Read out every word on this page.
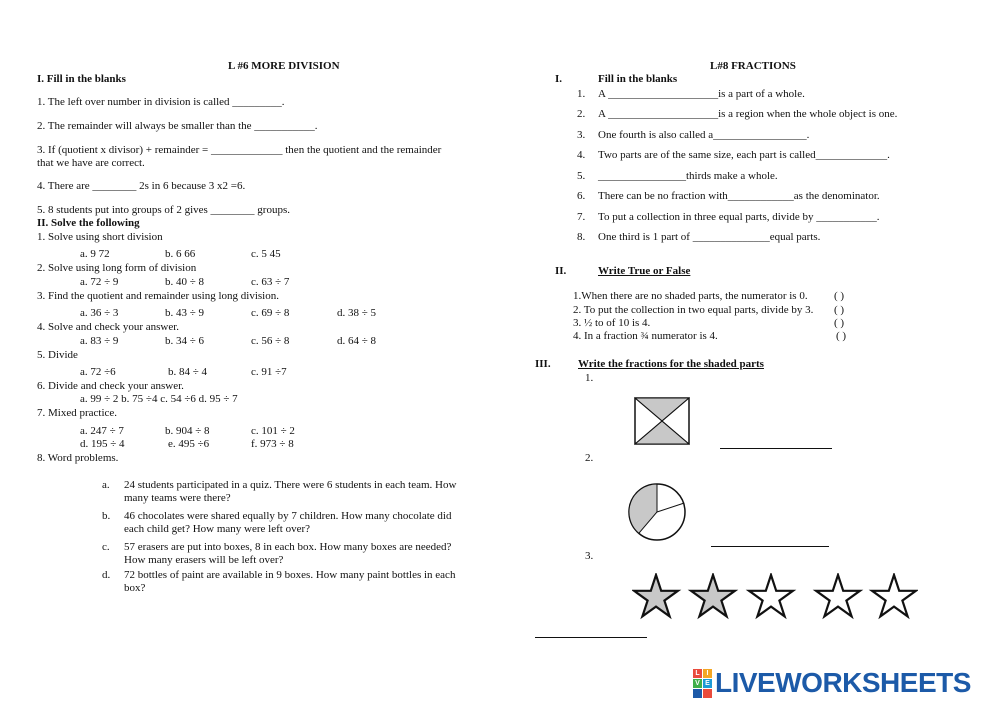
L #6 MORE DIVISION
I. Fill in the blanks
1. The left over number in division is called _________.
2. The remainder will always be smaller than the ___________.
3. If (quotient x divisor) + remainder = _____________ then the quotient and the remainder
that we have are correct.
4. There are ________ 2s in 6 because 3 x2 =6.
5. 8 students put into groups of 2 gives ________ groups.
II. Solve the following
1. Solve using short division
a. 9 72	b. 6 66	c. 5 45
2. Solve using long form of division
a. 72 ÷ 9	b. 40 ÷ 8	c. 63 ÷ 7
3. Find the quotient and remainder using long division.
a. 36 ÷ 3	b. 43 ÷ 9	c. 69 ÷ 8	d. 38 ÷ 5
4. Solve and check your answer.
a. 83 ÷ 9	b. 34 ÷ 6	c. 56 ÷ 8	d. 64 ÷ 8
5. Divide
a. 72 ÷6	b. 84 ÷ 4	c. 91 ÷7
6. Divide and check your answer.
a. 99 ÷ 2 b. 75 ÷4 c. 54 ÷6 d. 95 ÷ 7
7. Mixed practice.
a. 247 ÷ 7	b. 904 ÷ 8	c. 101 ÷ 2
d. 195 ÷ 4	e. 495 ÷6	f. 973 ÷ 8
8. Word problems.
a. 24 students participated in a quiz. There were 6 students in each team. How
many teams were there?
b. 46 chocolates were shared equally by 7 children. How many chocolate did
each child get? How many were left over?
c. 57 erasers are put into boxes, 8 in each box. How many boxes are needed?
How many erasers will be left over?
d. 72 bottles of paint are available in 9 boxes. How many paint bottles in each
box?
L#8 FRACTIONS
I.	Fill in the blanks
1. A ____________________is a part of a whole.
2. A ____________________is a region when the whole object is one.
3. One fourth is also called a_________________.
4. Two parts are of the same size, each part is called_____________.
5. ________________thirds make a whole.
6. There can be no fraction with____________as the denominator.
7. To put a collection in three equal parts, divide by ___________.
8. One third is 1 part of ______________equal parts.
II.	Write True or False
1.When there are no shaded parts, the numerator is 0. ( )
2. To put the collection in two equal parts, divide by 3. ( )
3. ½ to of 10 is 4.	( )
4. In a fraction ¾ numerator is 4.	( )
III. Write the fractions for the shaded parts
1.
2.
3.
L I
V E LIVEWORKSHEETS
